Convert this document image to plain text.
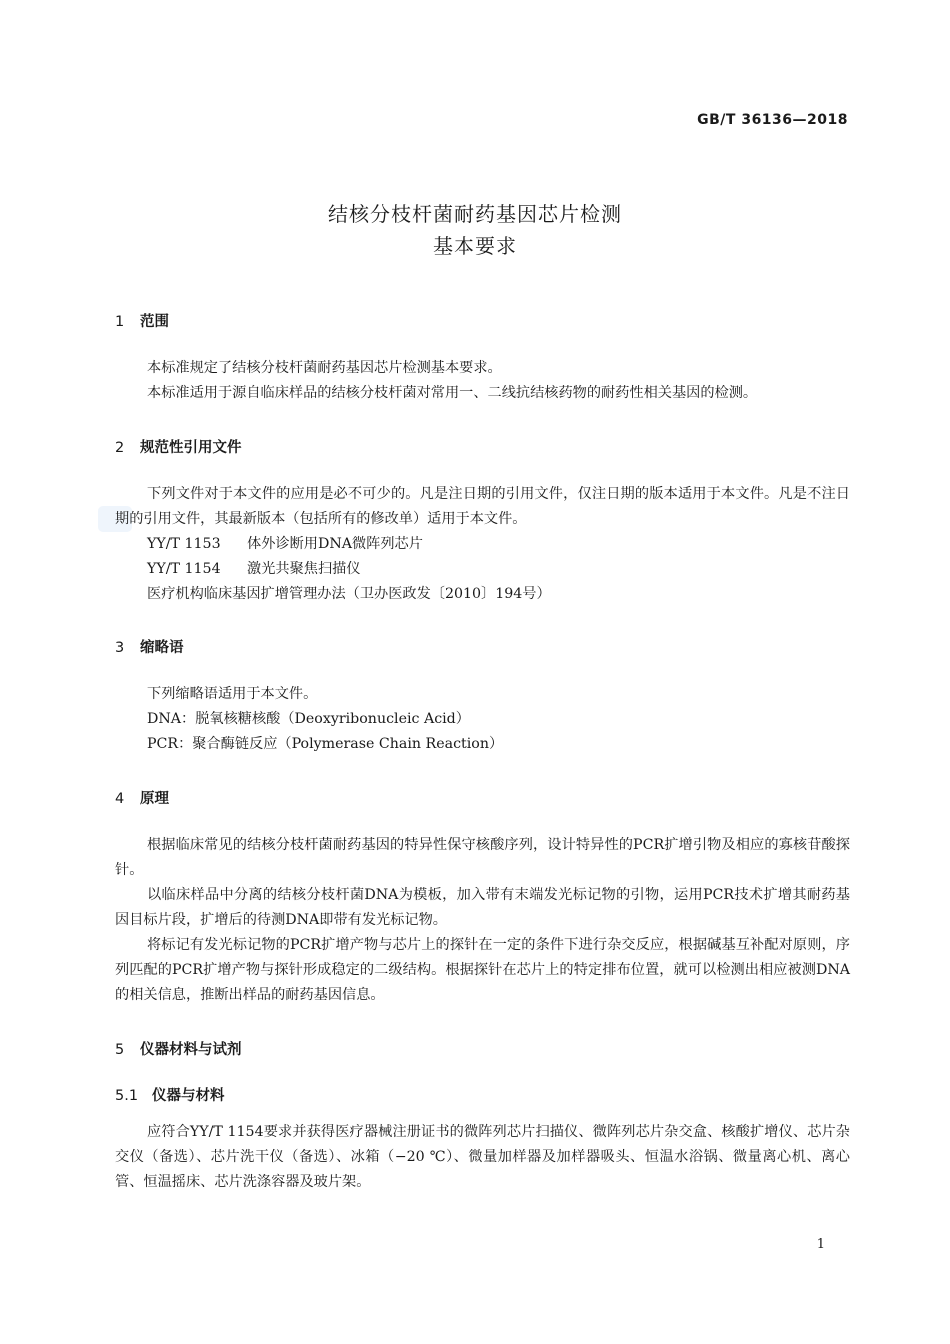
GB/T 36136—2018
结核分枝杆菌耐药基因芯片检测
基本要求
1 范围
本标准规定了结核分枝杆菌耐药基因芯片检测基本要求。
本标准适用于源自临床样品的结核分枝杆菌对常用一、二线抗结核药物的耐药性相关基因的检测。
2 规范性引用文件
下列文件对于本文件的应用是必不可少的。凡是注日期的引用文件，仅注日期的版本适用于本文件。凡是不注日期的引用文件，其最新版本（包括所有的修改单）适用于本文件。
YY/T 1153 体外诊断用DNA微阵列芯片
YY/T 1154 激光共聚焦扫描仪
医疗机构临床基因扩增管理办法（卫办医政发〔2010〕194号）
3 缩略语
下列缩略语适用于本文件。
DNA：脱氧核糖核酸（Deoxyribonucleic Acid）
PCR：聚合酶链反应（Polymerase Chain Reaction）
4 原理
根据临床常见的结核分枝杆菌耐药基因的特异性保守核酸序列，设计特异性的PCR扩增引物及相应的寡核苷酸探针。
以临床样品中分离的结核分枝杆菌DNA为模板，加入带有末端发光标记物的引物，运用PCR技术扩增其耐药基因目标片段，扩增后的待测DNA即带有发光标记物。
将标记有发光标记物的PCR扩增产物与芯片上的探针在一定的条件下进行杂交反应，根据碱基互补配对原则，序列匹配的PCR扩增产物与探针形成稳定的二级结构。根据探针在芯片上的特定排布位置，就可以检测出相应被测DNA的相关信息，推断出样品的耐药基因信息。
5 仪器材料与试剂
5.1 仪器与材料
应符合YY/T 1154要求并获得医疗器械注册证书的微阵列芯片扫描仪、微阵列芯片杂交盒、核酸扩增仪、芯片杂交仪（备选）、芯片洗干仪（备选）、冰箱（−20 ℃）、微量加样器及加样器吸头、恒温水浴锅、微量离心机、离心管、恒温摇床、芯片洗涤容器及玻片架。
1
